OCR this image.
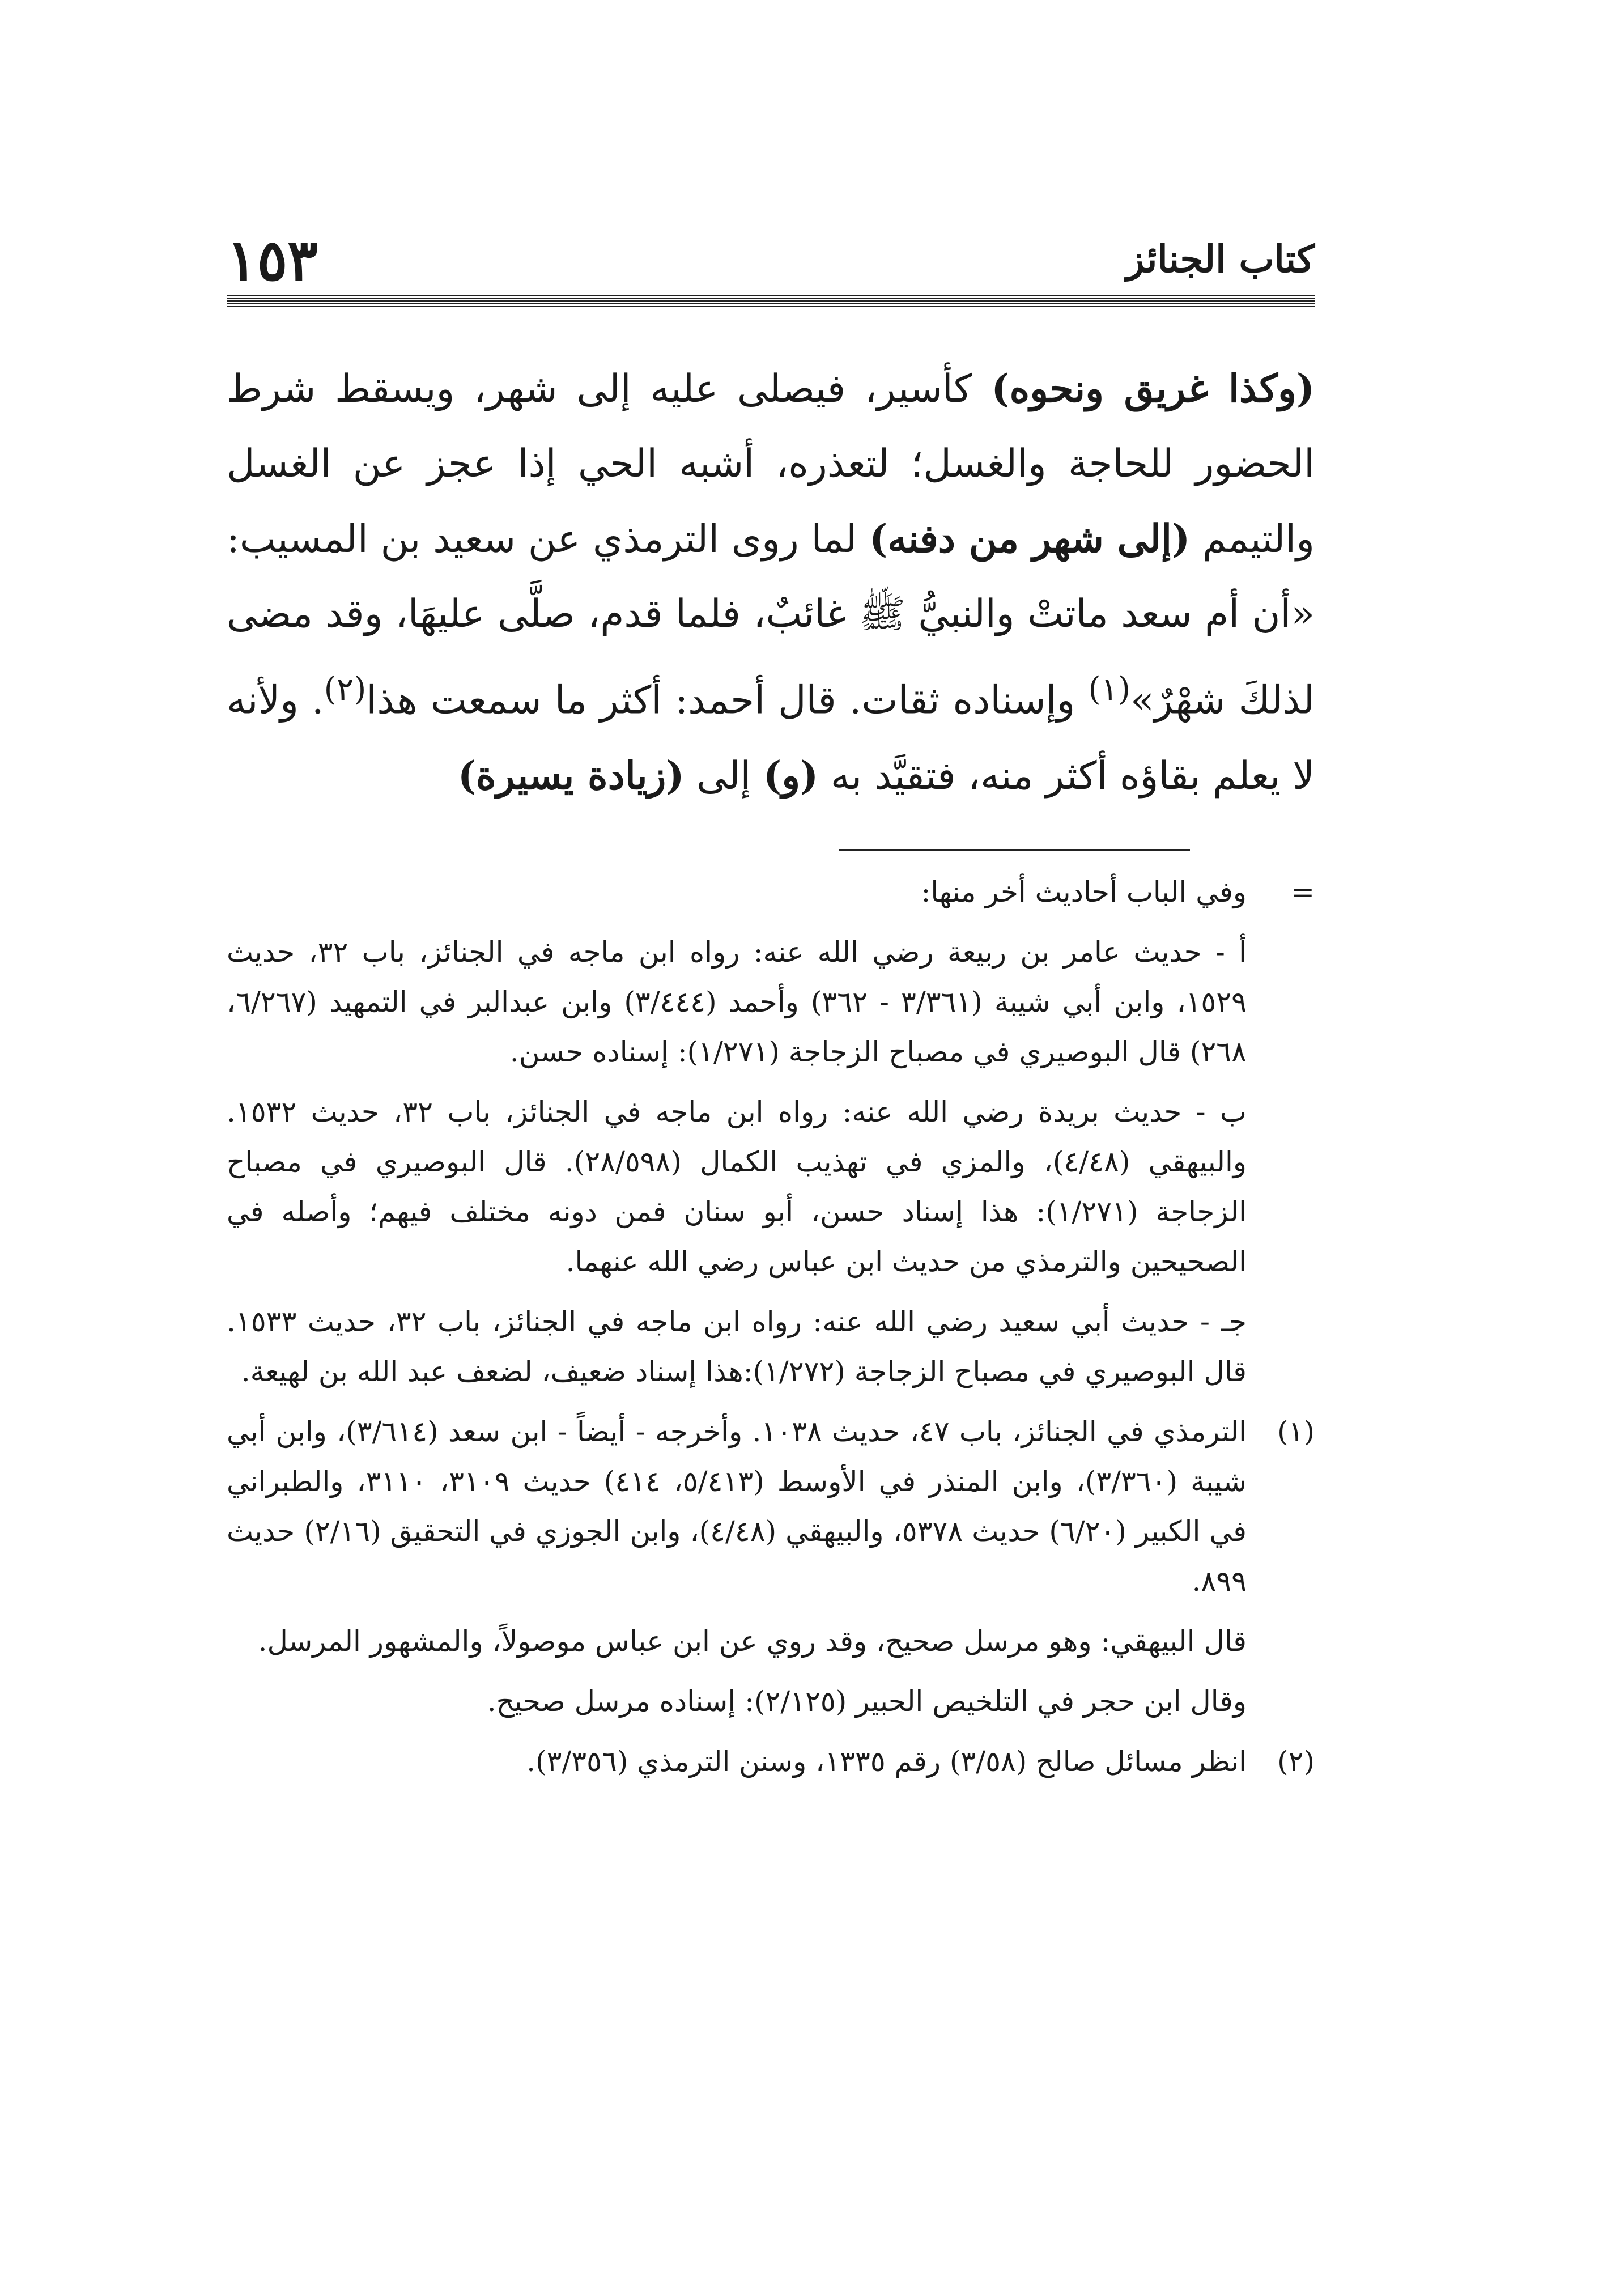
كتاب الجنائز
١٥٣
(وكذا غريق ونحوه) كأسير، فيصلى عليه إلى شهر، ويسقط شرط الحضور للحاجة والغسل؛ لتعذره، أشبه الحي إذا عجز عن الغسل والتيمم (إلى شهر من دفنه) لما روى الترمذي عن سعيد بن المسيب: «أن أم سعد ماتتْ والنبيُّ ﷺ غائبٌ، فلما قدم، صلَّى عليهَا، وقد مضى لذلكَ شهْرٌ»$^{(١)}$ وإسناده ثقات. قال أحمد: أكثر ما سمعت هذا$^{(٢)}$. ولأنه لا يعلم بقاؤه أكثر منه، فتقيَّد به (و) إلى (زيادة يسيرة)
=

وفي الباب أحاديث أخر منها:

أ - حديث عامر بن ربيعة رضي الله عنه: رواه ابن ماجه في الجنائز، باب ٣٢، حديث ١٥٢٩، وابن أبي شيبة (٣/٣٦١ - ٣٦٢) وأحمد (٣/٤٤٤) وابن عبدالبر في التمهيد (٦/٢٦٧، ٢٦٨) قال البوصيري في مصباح الزجاجة (١/٢٧١): إسناده حسن.

ب - حديث بريدة رضي الله عنه: رواه ابن ماجه في الجنائز، باب ٣٢، حديث ١٥٣٢. والبيهقي (٤/٤٨)، والمزي في تهذيب الكمال (٢٨/٥٩٨). قال البوصيري في مصباح الزجاجة (١/٢٧١): هذا إسناد حسن، أبو سنان فمن دونه مختلف فيهم؛ وأصله في الصحيحين والترمذي من حديث ابن عباس رضي الله عنهما.

جـ - حديث أبي سعيد رضي الله عنه: رواه ابن ماجه في الجنائز، باب ٣٢، حديث ١٥٣٣. قال البوصيري في مصباح الزجاجة (١/٢٧٢):هذا إسناد ضعيف، لضعف عبد الله بن لهيعة.

(١)

الترمذي في الجنائز، باب ٤٧، حديث ١٠٣٨. وأخرجه - أيضاً - ابن سعد (٣/٦١٤)، وابن أبي شيبة (٣/٣٦٠)، وابن المنذر في الأوسط (٥/٤١٣، ٤١٤) حديث ٣١٠٩، ٣١١٠، والطبراني في الكبير (٦/٢٠) حديث ٥٣٧٨، والبيهقي (٤/٤٨)، وابن الجوزي في التحقيق (٢/١٦) حديث ٨٩٩.

قال البيهقي: وهو مرسل صحيح، وقد روي عن ابن عباس موصولاً، والمشهور المرسل.

وقال ابن حجر في التلخيص الحبير (٢/١٢٥): إسناده مرسل صحيح.

(٢)

انظر مسائل صالح (٣/٥٨) رقم ١٣٣٥، وسنن الترمذي (٣/٣٥٦).
